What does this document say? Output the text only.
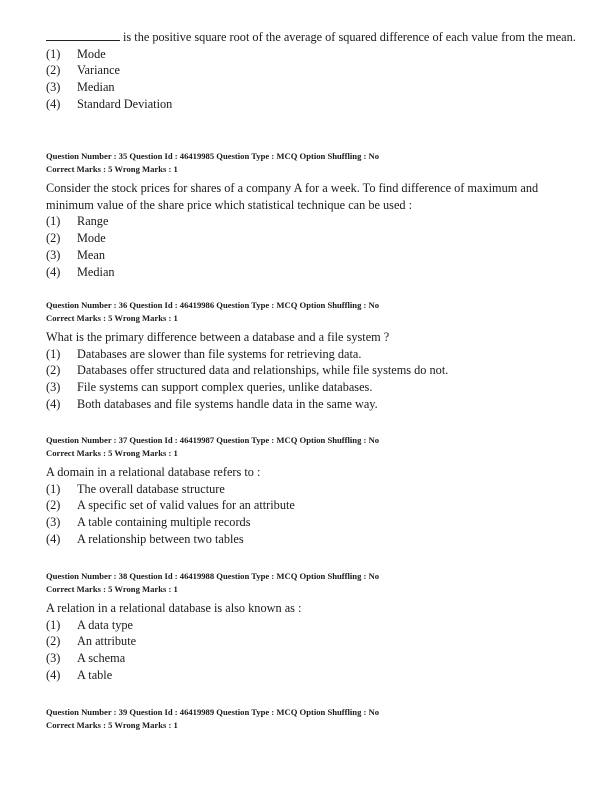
is the positive square root of the average of squared difference of each value from the mean.
(1) Mode
(2) Variance
(3) Median
(4) Standard Deviation
Question Number : 35 Question Id : 46419985 Question Type : MCQ Option Shuffling : No
Correct Marks : 5 Wrong Marks : 1
Consider the stock prices for shares of a company A for a week. To find difference of maximum and minimum value of the share price which statistical technique can be used :
(1) Range
(2) Mode
(3) Mean
(4) Median
Question Number : 36 Question Id : 46419986 Question Type : MCQ Option Shuffling : No
Correct Marks : 5 Wrong Marks : 1
What is the primary difference between a database and a file system ?
(1) Databases are slower than file systems for retrieving data.
(2) Databases offer structured data and relationships, while file systems do not.
(3) File systems can support complex queries, unlike databases.
(4) Both databases and file systems handle data in the same way.
Question Number : 37 Question Id : 46419987 Question Type : MCQ Option Shuffling : No
Correct Marks : 5 Wrong Marks : 1
A domain in a relational database refers to :
(1) The overall database structure
(2) A specific set of valid values for an attribute
(3) A table containing multiple records
(4) A relationship between two tables
Question Number : 38 Question Id : 46419988 Question Type : MCQ Option Shuffling : No
Correct Marks : 5 Wrong Marks : 1
A relation in a relational database is also known as :
(1) A data type
(2) An attribute
(3) A schema
(4) A table
Question Number : 39 Question Id : 46419989 Question Type : MCQ Option Shuffling : No
Correct Marks : 5 Wrong Marks : 1
